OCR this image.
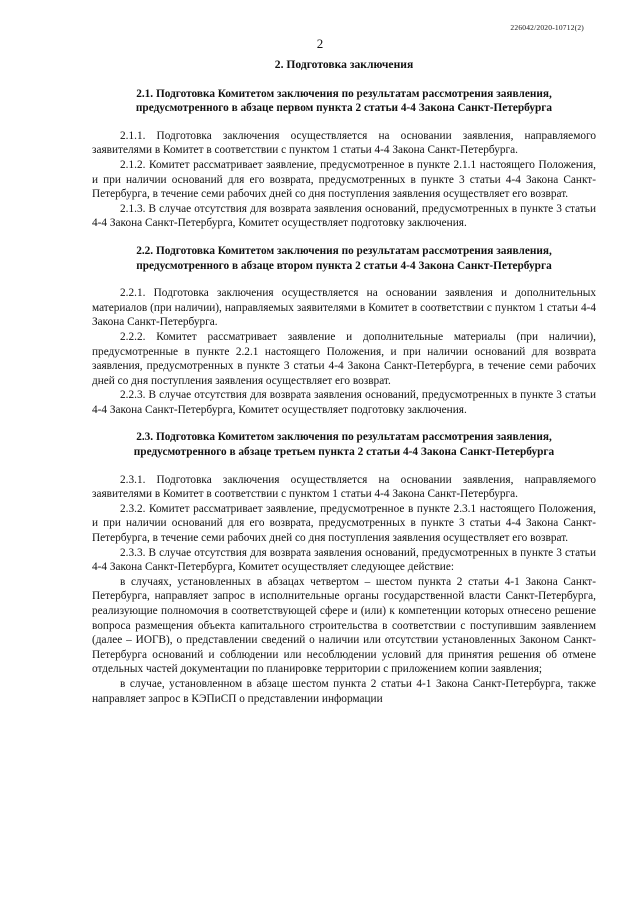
226042/2020-10712(2)
2
2. Подготовка заключения
2.1. Подготовка Комитетом заключения по результатам рассмотрения заявления, предусмотренного в абзаце первом пункта 2 статьи 4-4 Закона Санкт-Петербурга

2.1.1. Подготовка заключения осуществляется на основании заявления, направляемого заявителями в Комитет в соответствии с пунктом 1 статьи 4-4 Закона Санкт-Петербурга.

2.1.2. Комитет рассматривает заявление, предусмотренное в пункте 2.1.1 настоящего Положения, и при наличии оснований для его возврата, предусмотренных в пункте 3 статьи 4-4 Закона Санкт-Петербурга, в течение семи рабочих дней со дня поступления заявления осуществляет его возврат.

2.1.3. В случае отсутствия для возврата заявления оснований, предусмотренных в пункте 3 статьи 4-4 Закона Санкт-Петербурга, Комитет осуществляет подготовку заключения.

2.2. Подготовка Комитетом заключения по результатам рассмотрения заявления, предусмотренного в абзаце втором пункта 2 статьи 4-4 Закона Санкт-Петербурга

2.2.1. Подготовка заключения осуществляется на основании заявления и дополнительных материалов (при наличии), направляемых заявителями в Комитет в соответствии с пунктом 1 статьи 4-4 Закона Санкт-Петербурга.

2.2.2. Комитет рассматривает заявление и дополнительные материалы (при наличии), предусмотренные в пункте 2.2.1 настоящего Положения, и при наличии оснований для возврата заявления, предусмотренных в пункте 3 статьи 4-4 Закона Санкт-Петербурга, в течение семи рабочих дней со дня поступления заявления осуществляет его возврат.

2.2.3. В случае отсутствия для возврата заявления оснований, предусмотренных в пункте 3 статьи 4-4 Закона Санкт-Петербурга, Комитет осуществляет подготовку заключения.

2.3. Подготовка Комитетом заключения по результатам рассмотрения заявления, предусмотренного в абзаце третьем пункта 2 статьи 4-4 Закона Санкт-Петербурга

2.3.1. Подготовка заключения осуществляется на основании заявления, направляемого заявителями в Комитет в соответствии с пунктом 1 статьи 4-4 Закона Санкт-Петербурга.

2.3.2. Комитет рассматривает заявление, предусмотренное в пункте 2.3.1 настоящего Положения, и при наличии оснований для его возврата, предусмотренных в пункте 3 статьи 4-4 Закона Санкт-Петербурга, в течение семи рабочих дней со дня поступления заявления осуществляет его возврат.

2.3.3. В случае отсутствия для возврата заявления оснований, предусмотренных в пункте 3 статьи 4-4 Закона Санкт-Петербурга, Комитет осуществляет следующее действие:

в случаях, установленных в абзацах четвертом – шестом пункта 2 статьи 4-1 Закона Санкт-Петербурга, направляет запрос в исполнительные органы государственной власти Санкт-Петербурга, реализующие полномочия в соответствующей сфере и (или) к компетенции которых отнесено решение вопроса размещения объекта капитального строительства в соответствии с поступившим заявлением (далее – ИОГВ), о представлении сведений о наличии или отсутствии установленных Законом Санкт-Петербурга оснований и соблюдении или несоблюдении условий для принятия решения об отмене отдельных частей документации по планировке территории с приложением копии заявления;

в случае, установленном в абзаце шестом пункта 2 статьи 4-1 Закона Санкт-Петербурга, также направляет запрос в КЭПиСП о представлении информации
